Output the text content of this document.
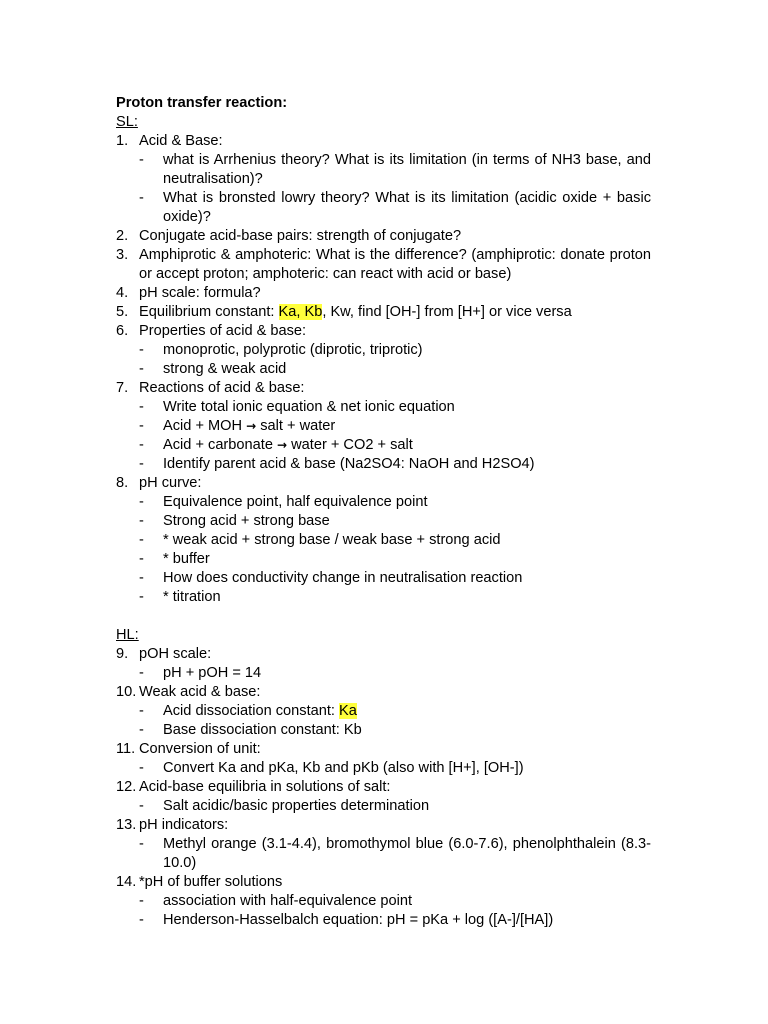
Proton transfer reaction:
SL:
1. Acid & Base:
-	what is Arrhenius theory? What is its limitation (in terms of NH3 base, and neutralisation)?
-	What is bronsted lowry theory? What is its limitation (acidic oxide + basic oxide)?
2. Conjugate acid-base pairs: strength of conjugate?
3. Amphiprotic & amphoteric: What is the difference? (amphiprotic: donate proton or accept proton; amphoteric: can react with acid or base)
4. pH scale: formula?
5. Equilibrium constant: Ka, Kb, Kw, find [OH-] from [H+] or vice versa
6. Properties of acid & base:
-	monoprotic, polyprotic (diprotic, triprotic)
-	strong & weak acid
7. Reactions of acid & base:
-	Write total ionic equation & net ionic equation
-	Acid + MOH → salt + water
-	Acid + carbonate → water + CO2 + salt
-	Identify parent acid & base (Na2SO4: NaOH and H2SO4)
8. pH curve:
-	Equivalence point, half equivalence point
-	Strong acid + strong base
-	* weak acid + strong base / weak base + strong acid
-	* buffer
-	How does conductivity change in neutralisation reaction
-	* titration
HL:
9. pOH scale:
-	pH + pOH = 14
10. Weak acid & base:
-	Acid dissociation constant: Ka
-	Base dissociation constant: Kb
11. Conversion of unit:
-	Convert Ka and pKa, Kb and pKb (also with [H+], [OH-])
12. Acid-base equilibria in solutions of salt:
-	Salt acidic/basic properties determination
13. pH indicators:
-	Methyl orange (3.1-4.4), bromothymol blue (6.0-7.6), phenolphthalein (8.3-10.0)
14. *pH of buffer solutions
-	association with half-equivalence point
-	Henderson-Hasselbalch equation: pH = pKa + log ([A-]/[HA])
